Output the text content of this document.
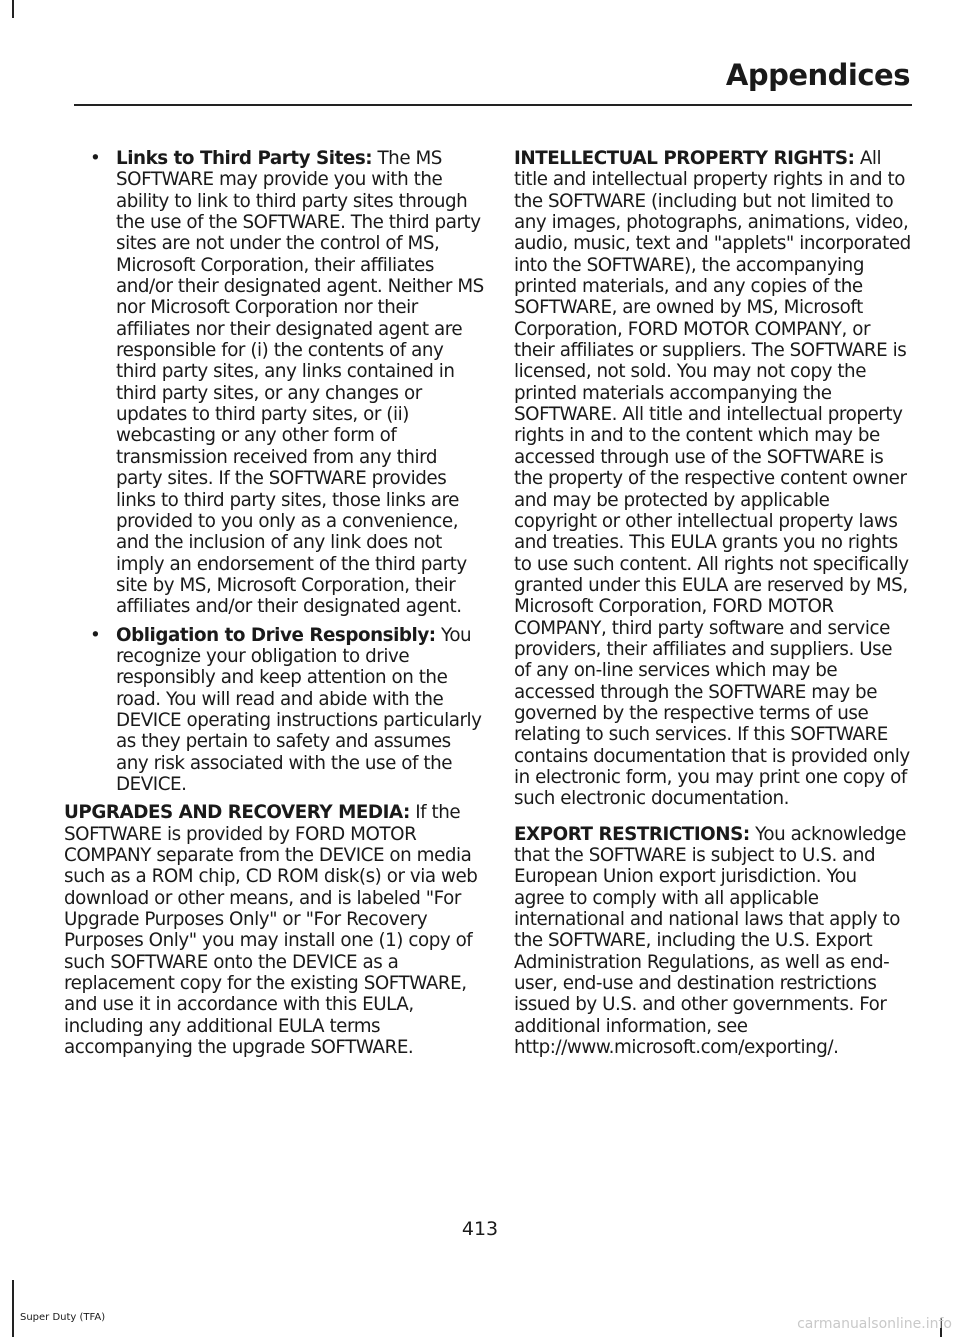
Appendices
• Links to Third Party Sites: The MS SOFTWARE may provide you with the ability to link to third party sites through the use of the SOFTWARE. The third party sites are not under the control of MS, Microsoft Corporation, their affiliates and/or their designated agent. Neither MS nor Microsoft Corporation nor their affiliates nor their designated agent are responsible for (i) the contents of any third party sites, any links contained in third party sites, or any changes or updates to third party sites, or (ii) webcasting or any other form of transmission received from any third party sites. If the SOFTWARE provides links to third party sites, those links are provided to you only as a convenience, and the inclusion of any link does not imply an endorsement of the third party site by MS, Microsoft Corporation, their affiliates and/or their designated agent.
• Obligation to Drive Responsibly: You recognize your obligation to drive responsibly and keep attention on the road. You will read and abide with the DEVICE operating instructions particularly as they pertain to safety and assumes any risk associated with the use of the DEVICE.

UPGRADES AND RECOVERY MEDIA: If the SOFTWARE is provided by FORD MOTOR COMPANY separate from the DEVICE on media such as a ROM chip, CD ROM disk(s) or via web download or other means, and is labeled "For Upgrade Purposes Only" or "For Recovery Purposes Only" you may install one (1) copy of such SOFTWARE onto the DEVICE as a replacement copy for the existing SOFTWARE, and use it in accordance with this EULA, including any additional EULA terms accompanying the upgrade SOFTWARE.

INTELLECTUAL PROPERTY RIGHTS: All title and intellectual property rights in and to the SOFTWARE (including but not limited to any images, photographs, animations, video, audio, music, text and "applets" incorporated into the SOFTWARE), the accompanying printed materials, and any copies of the SOFTWARE, are owned by MS, Microsoft Corporation, FORD MOTOR COMPANY, or their affiliates or suppliers. The SOFTWARE is licensed, not sold. You may not copy the printed materials accompanying the SOFTWARE. All title and intellectual property rights in and to the content which may be accessed through use of the SOFTWARE is the property of the respective content owner and may be protected by applicable copyright or other intellectual property laws and treaties. This EULA grants you no rights to use such content. All rights not specifically granted under this EULA are reserved by MS, Microsoft Corporation, FORD MOTOR COMPANY, third party software and service providers, their affiliates and suppliers. Use of any on-line services which may be accessed through the SOFTWARE may be governed by the respective terms of use relating to such services. If this SOFTWARE contains documentation that is provided only in electronic form, you may print one copy of such electronic documentation.

EXPORT RESTRICTIONS: You acknowledge that the SOFTWARE is subject to U.S. and European Union export jurisdiction. You agree to comply with all applicable international and national laws that apply to the SOFTWARE, including the U.S. Export Administration Regulations, as well as end-user, end-use and destination restrictions issued by U.S. and other governments. For additional information, see http://www.microsoft.com/exporting/.

413
Super Duty (TFA)	carmanualsonline.info
